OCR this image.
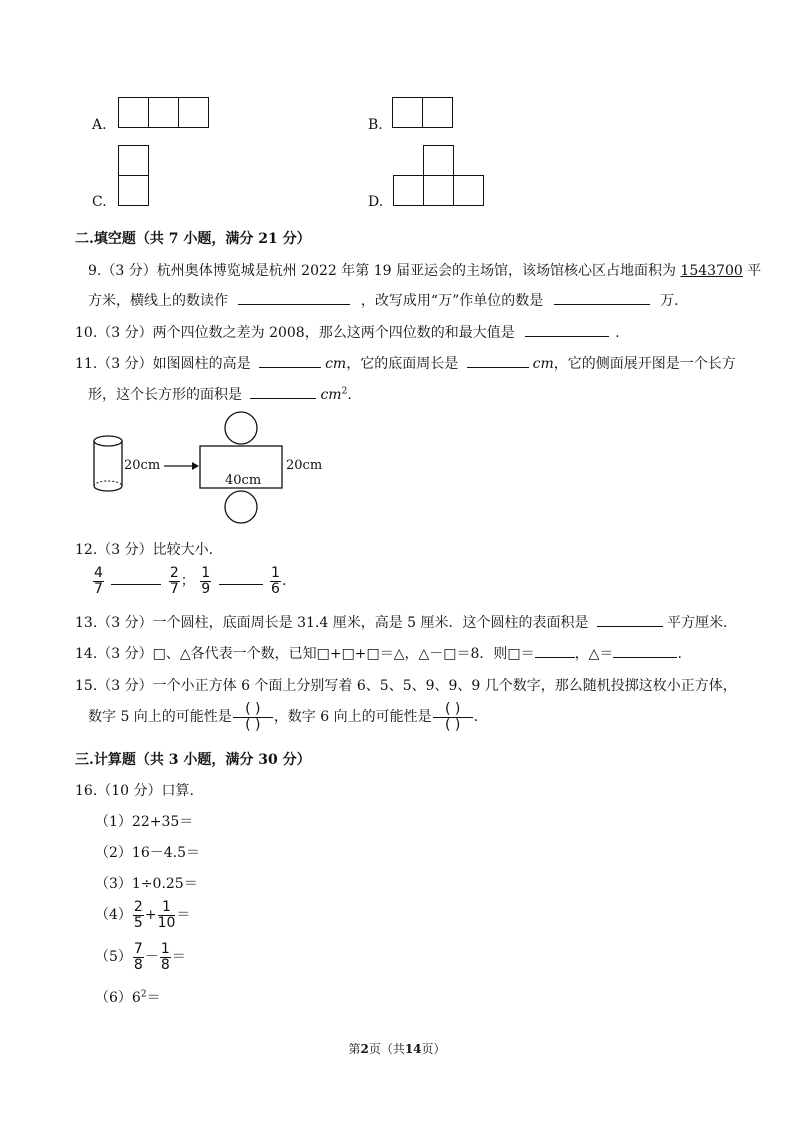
A.	B.
C.	D.
二.填空题（共 7 小题，满分 21 分）
9.（3 分）杭州奥体博览城是杭州 2022 年第 19 届亚运会的主场馆，该场馆核心区占地面积为 1543700 平
方米，横线上的数读作	，改写成用“万”作单位的数是	万.
10.（3 分）两个四位数之差为 2008，那么这两个四位数的和最大值是	.
11.（3 分）如图圆柱的高是	cm，它的底面周长是	cm，它的侧面展开图是一个长方
形，这个长方形的面积是	$cm^2$.
20cm	20cm
40cm
12.（3 分）比较大小.
$\frac{4}{7}$
	$\frac{2}{7}$ ； $\frac{1}{9}$
	$\frac{1}{6}$ .
13.（3 分）一个圆柱，底面周长是 31.4 厘米，高是 5 厘米．这个圆柱的表面积是	平方厘米.
14.（3 分）□、△各代表一个数，已知□+□+□＝△，△－□＝8．则□＝	，△＝	.
15.（3 分）一个小正方体 6 个面上分别写着 6、5、5、9、9、9 几个数字，那么随机投掷这枚小正方体，
数字 5 向上的可能性是 $\frac{( )}{( )}$ ，数字 6 向上的可能性是 $\frac{( )}{( )}$ .
三.计算题（共 3 小题，满分 30 分）
16.（10 分）口算.
（1）22+35＝
（2）16－4.5＝
（3）1÷0.25＝
$(4) \frac{2}{5} + \frac{1}{10}$ ＝
$(5) \frac{7}{8} - \frac{1}{8}$ ＝
$(6)6^2=$
第2页（共14页）
